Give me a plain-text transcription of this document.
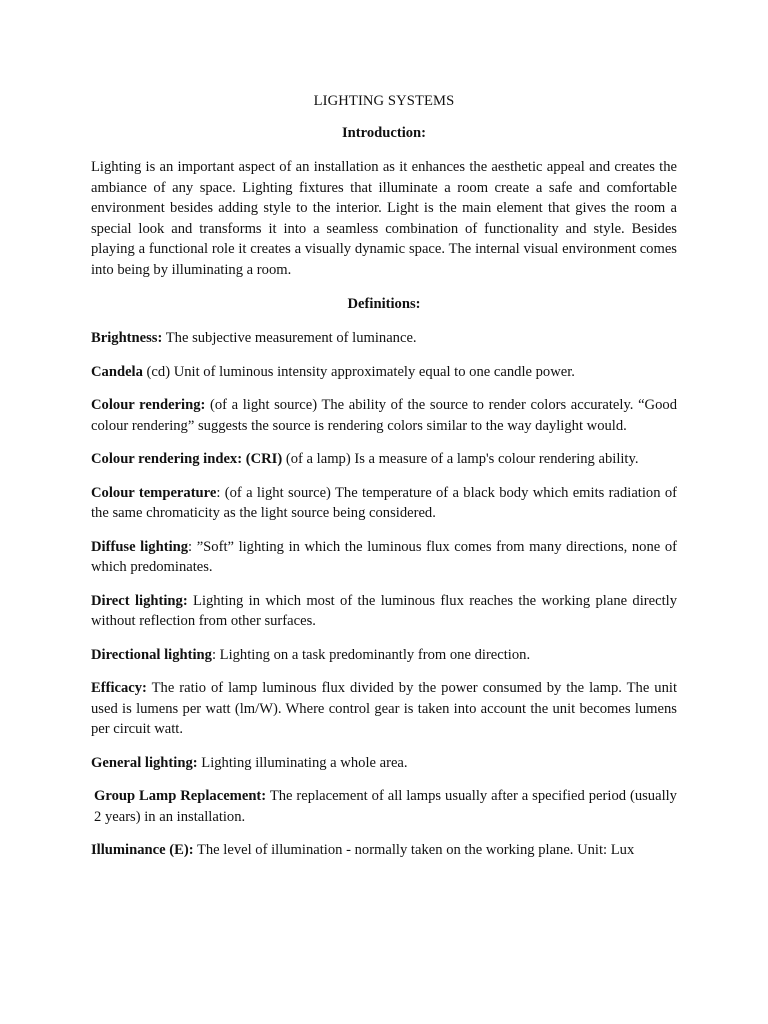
LIGHTING SYSTEMS
Introduction:

Lighting is an important aspect of an installation as it enhances the aesthetic appeal and creates the ambiance of any space. Lighting fixtures that illuminate a room create a safe and comfortable environment besides adding style to the interior. Light is the main element that gives the room a special look and transforms it into a seamless combination of functionality and style. Besides playing a functional role it creates a visually dynamic space. The internal visual environment comes into being by illuminating a room.

Definitions:

Brightness: The subjective measurement of luminance.

Candela (cd) Unit of luminous intensity approximately equal to one candle power.

Colour rendering: (of a light source) The ability of the source to render colors accurately. “Good colour rendering” suggests the source is rendering colors similar to the way daylight would.

Colour rendering index: (CRI) (of a lamp) Is a measure of a lamp's colour rendering ability.

Colour temperature: (of a light source) The temperature of a black body which emits radiation of the same chromaticity as the light source being considered.

Diffuse lighting: ”Soft” lighting in which the luminous flux comes from many directions, none of which predominates.

Direct lighting: Lighting in which most of the luminous flux reaches the working plane directly without reflection from other surfaces.

Directional lighting: Lighting on a task predominantly from one direction.

Efficacy: The ratio of lamp luminous flux divided by the power consumed by the lamp. The unit used is lumens per watt (lm/W). Where control gear is taken into account the unit becomes lumens per circuit watt.

General lighting: Lighting illuminating a whole area.

Group Lamp Replacement: The replacement of all lamps usually after a specified period (usually 2 years) in an installation.

Illuminance (E): The level of illumination - normally taken on the working plane. Unit: Lux
